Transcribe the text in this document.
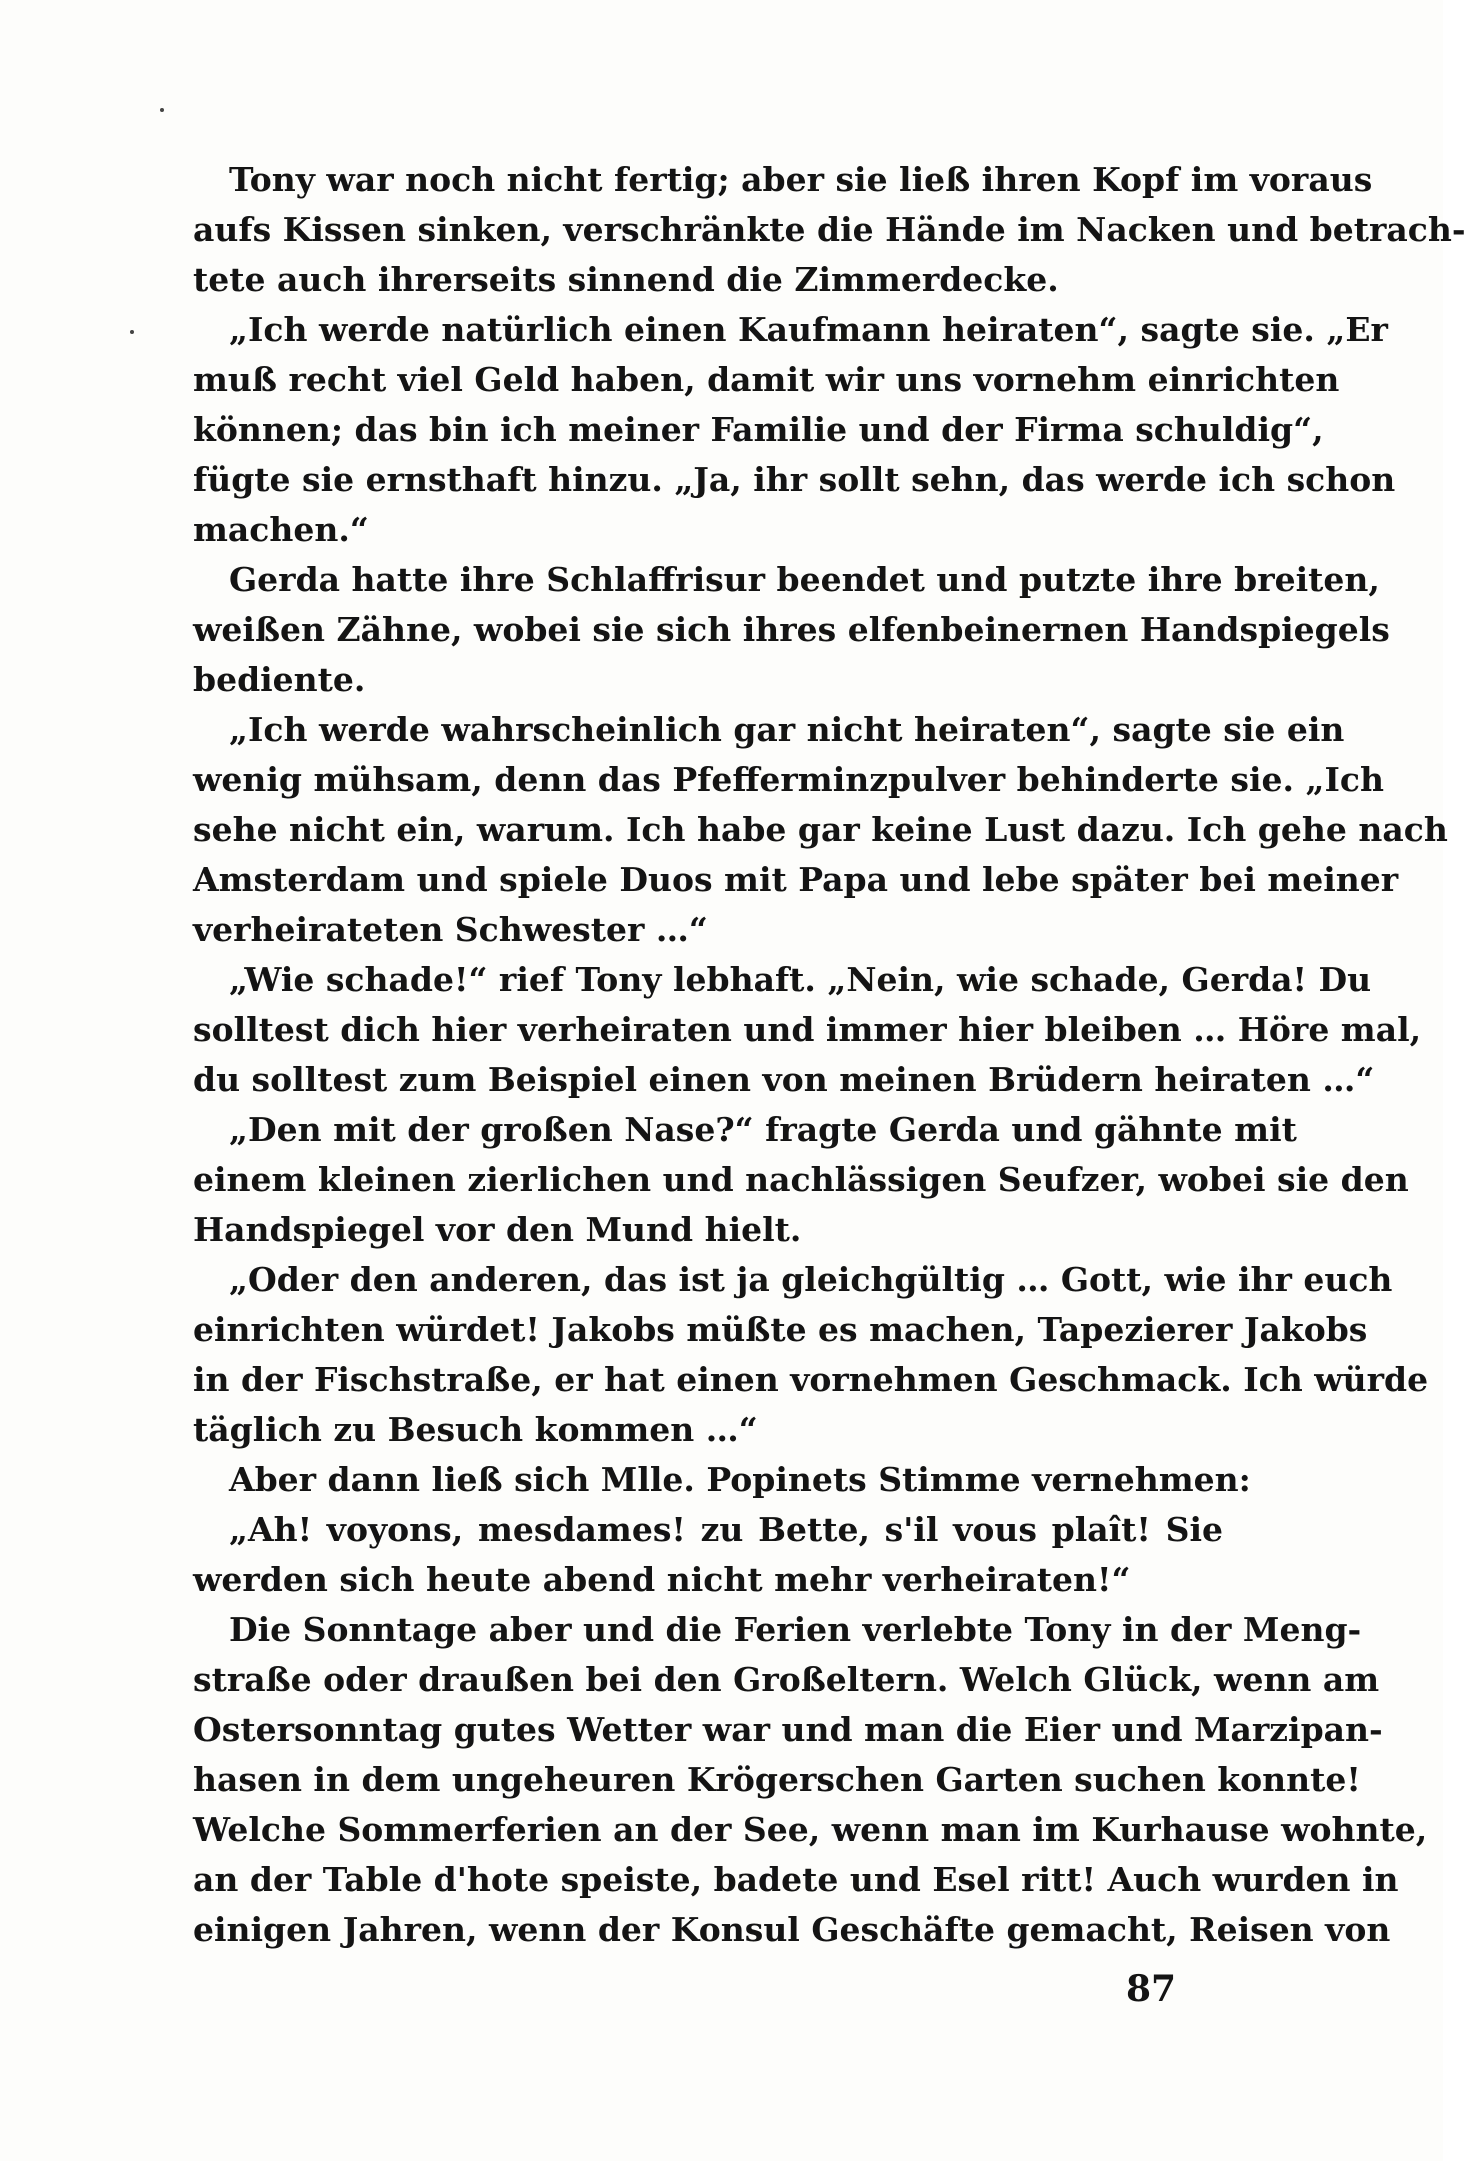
Tony war noch nicht fertig; aber sie ließ ihren Kopf im voraus
aufs Kissen sinken, verschränkte die Hände im Nacken und betrach-
tete auch ihrerseits sinnend die Zimmerdecke.
„Ich werde natürlich einen Kaufmann heiraten“, sagte sie. „Er
muß recht viel Geld haben, damit wir uns vornehm einrichten
können; das bin ich meiner Familie und der Firma schuldig“,
fügte sie ernsthaft hinzu. „Ja, ihr sollt sehn, das werde ich schon
machen.“
Gerda hatte ihre Schlaffrisur beendet und putzte ihre breiten,
weißen Zähne, wobei sie sich ihres elfenbeinernen Handspiegels
bediente.
„Ich werde wahrscheinlich gar nicht heiraten“, sagte sie ein
wenig mühsam, denn das Pfefferminzpulver behinderte sie. „Ich
sehe nicht ein, warum. Ich habe gar keine Lust dazu. Ich gehe nach
Amsterdam und spiele Duos mit Papa und lebe später bei meiner
verheirateten Schwester …“
„Wie schade!“ rief Tony lebhaft. „Nein, wie schade, Gerda! Du
solltest dich hier verheiraten und immer hier bleiben … Höre mal,
du solltest zum Beispiel einen von meinen Brüdern heiraten …“
„Den mit der großen Nase?“ fragte Gerda und gähnte mit
einem kleinen zierlichen und nachlässigen Seufzer, wobei sie den
Handspiegel vor den Mund hielt.
„Oder den anderen, das ist ja gleichgültig … Gott, wie ihr euch
einrichten würdet! Jakobs müßte es machen, Tapezierer Jakobs
in der Fischstraße, er hat einen vornehmen Geschmack. Ich würde
täglich zu Besuch kommen …“
Aber dann ließ sich Mlle. Popinets Stimme vernehmen:
„Ah! voyons, mesdames! zu Bette, s'il vous plaît! Sie
werden sich heute abend nicht mehr verheiraten!“
Die Sonntage aber und die Ferien verlebte Tony in der Meng-
straße oder draußen bei den Großeltern. Welch Glück, wenn am
Ostersonntag gutes Wetter war und man die Eier und Marzipan-
hasen in dem ungeheuren Krögerschen Garten suchen konnte!
Welche Sommerferien an der See, wenn man im Kurhause wohnte,
an der Table d'hote speiste, badete und Esel ritt! Auch wurden in
einigen Jahren, wenn der Konsul Geschäfte gemacht, Reisen von
87
